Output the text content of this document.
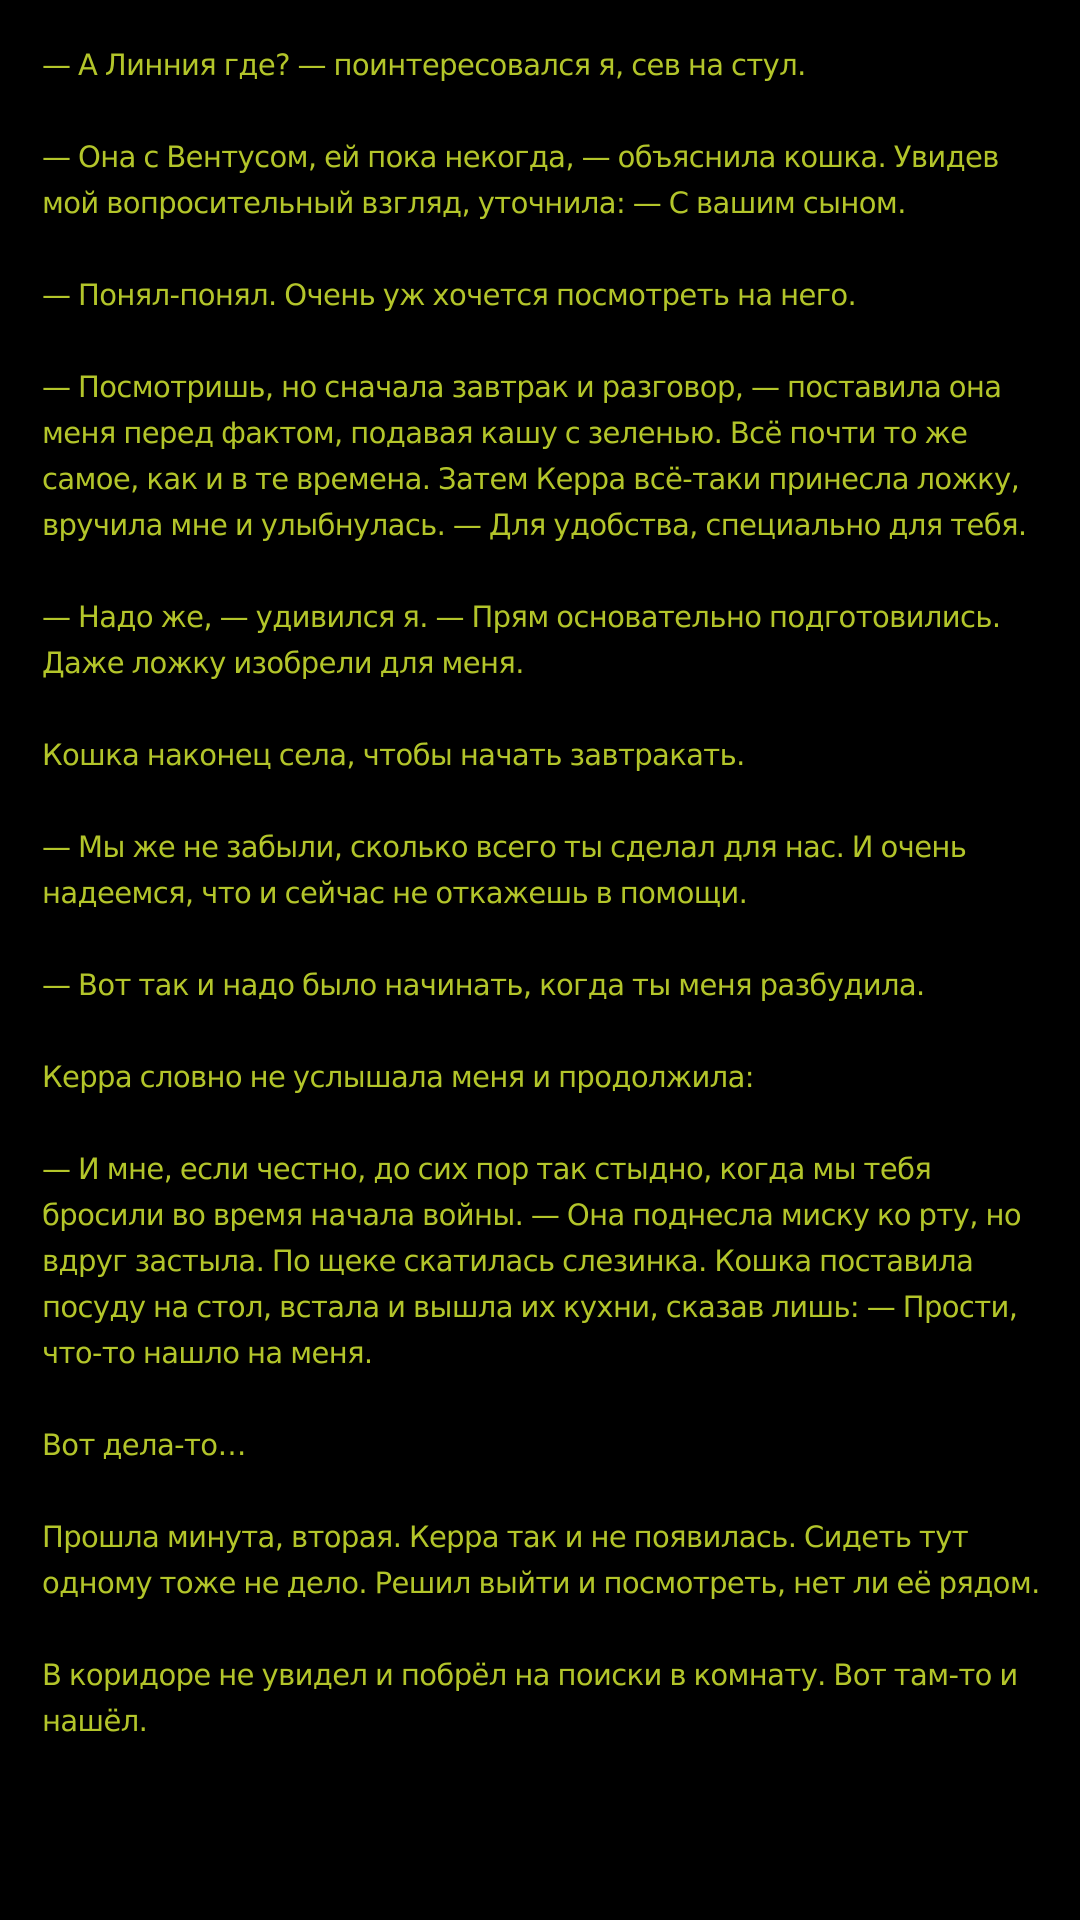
— А Линния где? — поинтересовался я, сев на стул.

— Она с Вентусом, ей пока некогда, — объяснила кошка. Увидев мой вопросительный взгляд, уточнила: — С вашим сыном.

— Понял-понял. Очень уж хочется посмотреть на него.

— Посмотришь, но сначала завтрак и разговор, — поставила она меня перед фактом, подавая кашу с зеленью. Всё почти то же самое, как и в те времена. Затем Керра всё-таки принесла ложку, вручила мне и улыбнулась. — Для удобства, специально для тебя.

— Надо же, — удивился я. — Прям основательно подготовились. Даже ложку изобрели для меня.

Кошка наконец села, чтобы начать завтракать.

— Мы же не забыли, сколько всего ты сделал для нас. И очень надеемся, что и сейчас не откажешь в помощи.

— Вот так и надо было начинать, когда ты меня разбудила.

Керра словно не услышала меня и продолжила:

— И мне, если честно, до сих пор так стыдно, когда мы тебя бросили во время начала войны. — Она поднесла миску ко рту, но вдруг застыла. По щеке скатилась слезинка. Кошка поставила посуду на стол, встала и вышла их кухни, сказав лишь: — Прости, что-то нашло на меня.

Вот дела-то…

Прошла минута, вторая. Керра так и не появилась. Сидеть тут одному тоже не дело. Решил выйти и посмотреть, нет ли её рядом.

В коридоре не увидел и побрёл на поиски в комнату. Вот там-то и нашёл.
